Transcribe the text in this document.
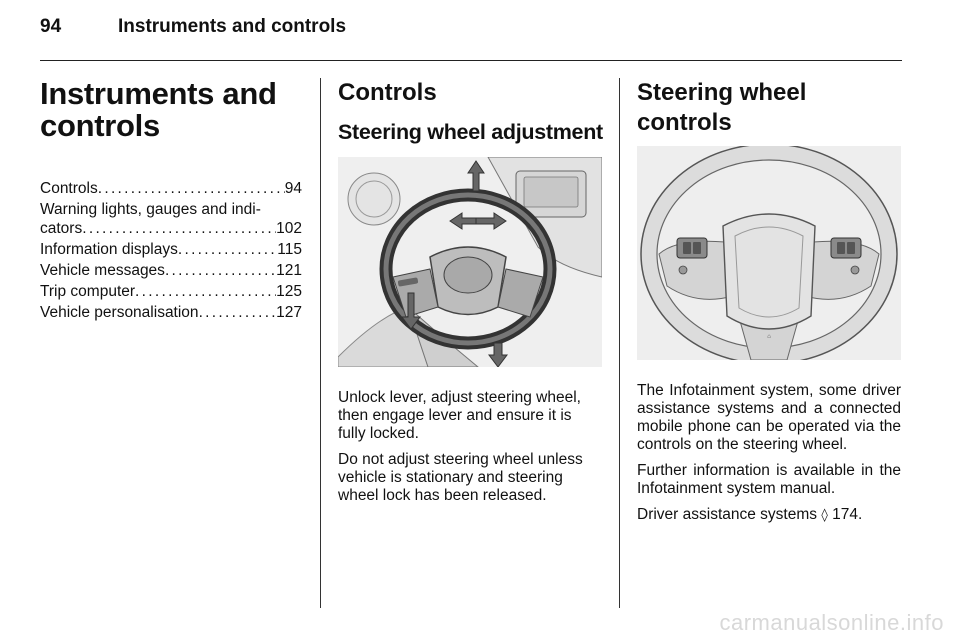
94	Instruments and controls
Instruments and controls
Controls . . .	94
Warning lights, gauges and indi-
cators . . .	102
Information displays . . .	115
Vehicle messages . . .	121
Trip computer . . .	125
Vehicle personalisation . . .	127
Controls
Steering wheel adjustment

Unlock lever, adjust steering wheel, then engage lever and ensure it is fully locked.

Do not adjust steering wheel unless vehicle is stationary and steering wheel lock has been released.

Steering wheel controls
⌂

The Infotainment system, some driver assistance systems and a connected mobile phone can be operated via the controls on the steering wheel.

Further information is available in the Infotainment system manual.

Driver assistance systems ◊ 174.

carmanualsonline.info
